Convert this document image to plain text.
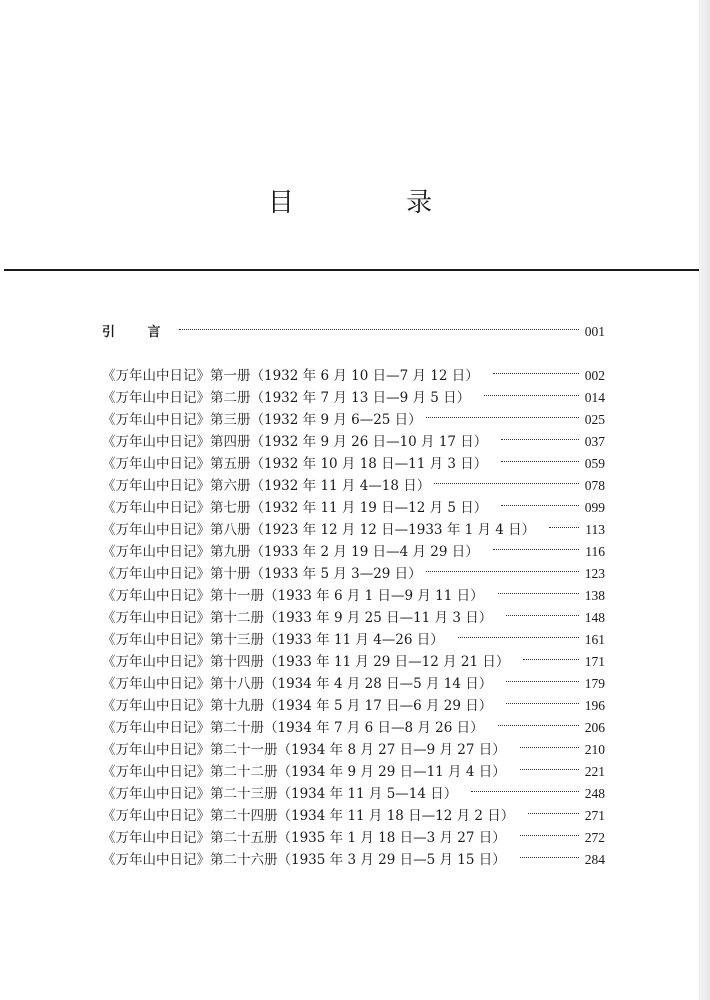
目 录
引 言	001
《万年山中日记》第一册（1932 年 6 月 10 日—7 月 12 日）	002
《万年山中日记》第二册（1932 年 7 月 13 日—9 月 5 日）	014
《万年山中日记》第三册（1932 年 9 月 6—25 日）	025
《万年山中日记》第四册（1932 年 9 月 26 日—10 月 17 日）	037
《万年山中日记》第五册（1932 年 10 月 18 日—11 月 3 日）	059
《万年山中日记》第六册（1932 年 11 月 4—18 日）	078
《万年山中日记》第七册（1932 年 11 月 19 日—12 月 5 日）	099
《万年山中日记》第八册（1923 年 12 月 12 日—1933 年 1 月 4 日）	113
《万年山中日记》第九册（1933 年 2 月 19 日—4 月 29 日）	116
《万年山中日记》第十册（1933 年 5 月 3—29 日）	123
《万年山中日记》第十一册（1933 年 6 月 1 日—9 月 11 日）	138
《万年山中日记》第十二册（1933 年 9 月 25 日—11 月 3 日）	148
《万年山中日记》第十三册（1933 年 11 月 4—26 日）	161
《万年山中日记》第十四册（1933 年 11 月 29 日—12 月 21 日）	171
《万年山中日记》第十八册（1934 年 4 月 28 日—5 月 14 日）	179
《万年山中日记》第十九册（1934 年 5 月 17 日—6 月 29 日）	196
《万年山中日记》第二十册（1934 年 7 月 6 日—8 月 26 日）	206
《万年山中日记》第二十一册（1934 年 8 月 27 日—9 月 27 日）	210
《万年山中日记》第二十二册（1934 年 9 月 29 日—11 月 4 日）	221
《万年山中日记》第二十三册（1934 年 11 月 5—14 日）	248
《万年山中日记》第二十四册（1934 年 11 月 18 日—12 月 2 日）	271
《万年山中日记》第二十五册（1935 年 1 月 18 日—3 月 27 日）	272
《万年山中日记》第二十六册（1935 年 3 月 29 日—5 月 15 日）	284
